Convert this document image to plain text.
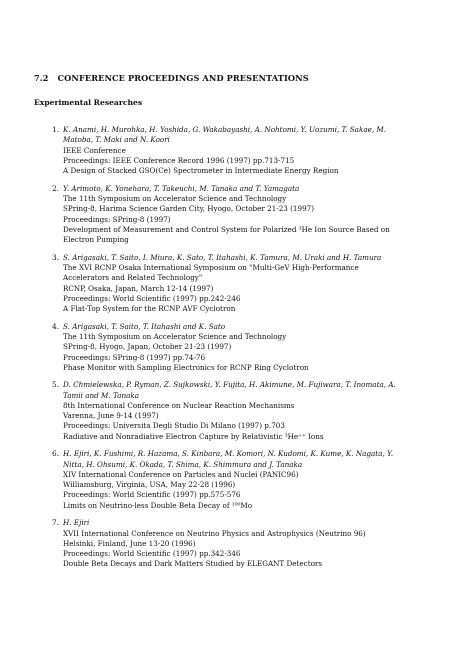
7.2 CONFERENCE PROCEEDINGS AND PRESENTATIONS
Experimental Researches
1. K. Anami, H. Murohka, H. Yoshida, G. Wakabayashi, A. Nohtomi, Y. Uozumi, T. Sakae, M. Matoba, T. Maki and N. Koori
IEEE Conference
Proceedings: IEEE Conference Record 1996 (1997) pp.713-715
A Design of Stacked GSO(Ce) Spectrometer in Intermediate Energy Region
2. Y. Arimoto, K. Yonehara, T. Takeuchi, M. Tanaka and T. Yamagata
The 11th Symposium on Accelerator Science and Technology
SPring-8, Harima Science Garden City, Hyogo, October 21-23 (1997)
Proceedings: SPring-8 (1997)
Development of Measurement and Control System for Polarized ³He Ion Source Based on Electron Pumping
3. S. Arigasaki, T. Saito, I. Miura, K. Sato, T. Itahashi, K. Tamura, M. Uraki and H. Tamura
The XVI RCNP Osaka International Symposium on "Multi-GeV High-Performance Accelerators and Related Technology"
RCNP, Osaka, Japan, March 12-14 (1997)
Proceedings: World Scientific (1997) pp.242-246
A Flat-Top System for the RCNP AVF Cyclotron
4. S. Arigasaki, T. Saito, T. Itahashi and K. Sato
The 11th Symposium on Accelerator Science and Technology
SPring-8, Hyogo, Japan, October 21-23 (1997)
Proceedings: SPring-8 (1997) pp.74-76
Phase Monitor with Sampling Electronics for RCNP Ring Cyclotron
5. D. Chmielewska, P. Ryman, Z. Sujkowski, Y. Fujita, H. Akimune, M. Fujiwara, T. Inomata, A. Tamii and M. Tanaka
8th International Conference on Nuclear Reaction Mechanisms
Varenna, June 9-14 (1997)
Proceedings: Universita Degli Studio Di Milano (1997) p.703
Radiative and Nonradiative Electron Capture by Relativistic ³He⁺⁺ Ions
6. H. Ejiri, K. Fushimi, R. Hazama, S. Kinbara, M. Komori, N. Kudomi, K. Kume, K. Nagata, Y. Nitta, H. Ohsumi, K. Okada, T. Shima, K. Shimmura and J. Tanaka
XIV International Conference on Particles and Nuclei (PANIC96)
Williamsburg, Virginia, USA, May 22-28 (1996)
Proceedings: World Scientific (1997) pp.575-576
Limits on Neutrino-less Double Beta Decay of ¹⁰⁰Mo
7. H. Ejiri
XVII International Conference on Neutrino Physics and Astrophysics (Neutrino 96)
Helsinki, Finland, June 13-20 (1996)
Proceedings: World Scientific (1997) pp.342-346
Double Beta Decays and Dark Matters Studied by ELEGANT Detectors
